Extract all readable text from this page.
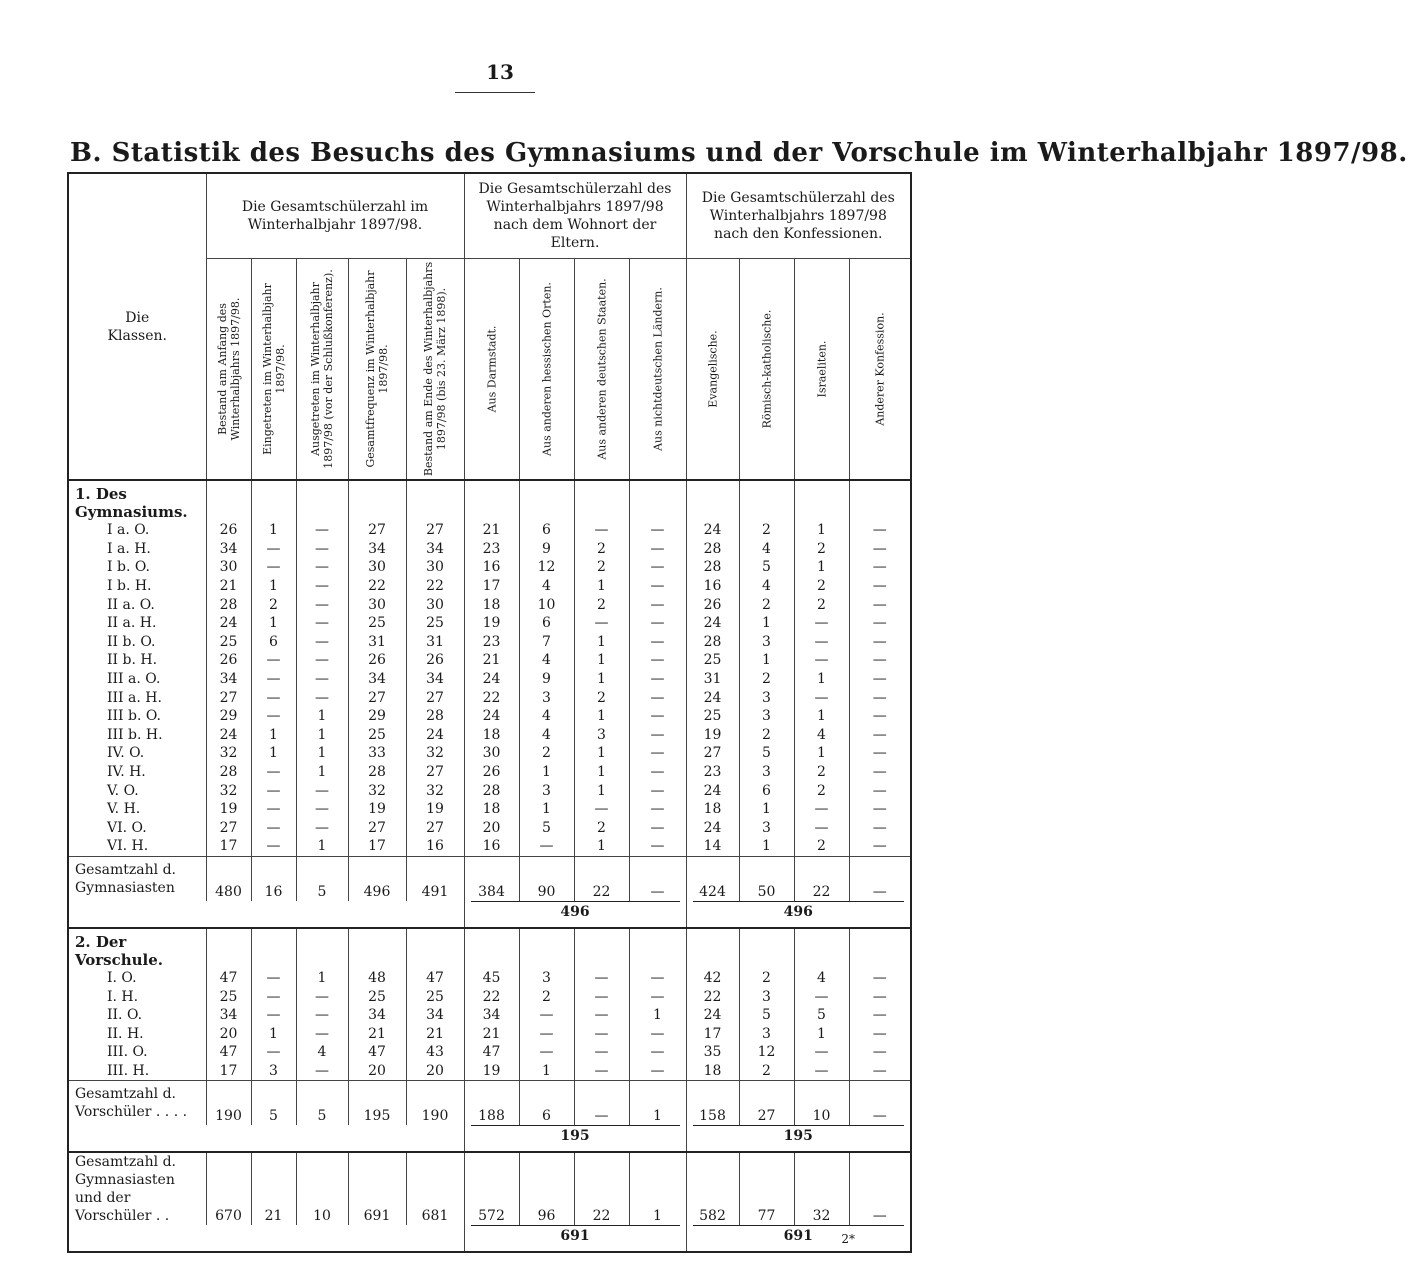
13
B. Statistik des Besuchs des Gymnasiums und der Vorschule im Winterhalbjahr 1897/98.
Die
Klassen.	Die Gesamtschülerzahl im Winterhalbjahr 1897/98.					Die Gesamtschülerzahl des Winterhalbjahrs 1897/98 nach dem Wohnort der Eltern.				Die Gesamtschülerzahl des Winterhalbjahrs 1897/98 nach den Konfessionen.			

	Bestand am Anfang des Winterhalbjahrs 1897/98.	Eingetreten im Winterhalbjahr 1897/98.	Ausgetreten im Winterhalbjahr 1897/98 (vor der Schlußkonferenz).	Gesamtfrequenz im Winterhalbjahr 1897/98.	Bestand am Ende des Winterhalbjahrs 1897/98 (bis 23. März 1898).	Aus Darmstadt.	Aus anderen hessischen Orten.	Aus anderen deutschen Staaten.	Aus nichtdeutschen Ländern.	Evangelische.	Römisch-katholische.	Israeliten.	Anderer Konfession.

1. Des Gymnasiums.													
I a. O.	26	1	—	27	27	21	6	—	—	24	2	1	—
I a. H.	34	—	—	34	34	23	9	2	—	28	4	2	—
I b. O.	30	—	—	30	30	16	12	2	—	28	5	1	—
I b. H.	21	1	—	22	22	17	4	1	—	16	4	2	—
II a. O.	28	2	—	30	30	18	10	2	—	26	2	2	—
II a. H.	24	1	—	25	25	19	6	—	—	24	1	—	—
II b. O.	25	6	—	31	31	23	7	1	—	28	3	—	—
II b. H.	26	—	—	26	26	21	4	1	—	25	1	—	—
III a. O.	34	—	—	34	34	24	9	1	—	31	2	1	—
III a. H.	27	—	—	27	27	22	3	2	—	24	3	—	—
III b. O.	29	—	1	29	28	24	4	1	—	25	3	1	—
III b. H.	24	1	1	25	24	18	4	3	—	19	2	4	—
IV. O.	32	1	1	33	32	30	2	1	—	27	5	1	—
IV. H.	28	—	1	28	27	26	1	1	—	23	3	2	—
V. O.	32	—	—	32	32	28	3	1	—	24	6	2	—
V. H.	19	—	—	19	19	18	1	—	—	18	1	—	—
VI. O.	27	—	—	27	27	20	5	2	—	24	3	—	—
VI. H.	17	—	1	17	16	16	—	1	—	14	1	2	—
Gesamtzahl d. Gymnasiasten	480	16	5	496	491	384	90	22	—	424	50	22	—

						496				496			

2. Der Vorschule.													
I. O.	47	—	1	48	47	45	3	—	—	42	2	4	—
I. H.	25	—	—	25	25	22	2	—	—	22	3	—	—
II. O.	34	—	—	34	34	34	—	—	1	24	5	5	—
II. H.	20	1	—	21	21	21	—	—	—	17	3	1	—
III. O.	47	—	4	47	43	47	—	—	—	35	12	—	—
III. H.	17	3	—	20	20	19	1	—	—	18	2	—	—
Gesamtzahl d. Vorschüler . . . .	190	5	5	195	190	188	6	—	1	158	27	10	—

						195				195			

Gesamtzahl d. Gymnasiasten und der Vorschüler . .	670	21	10	691	681	572	96	22	1	582	77	32	—

						691				691				2*
